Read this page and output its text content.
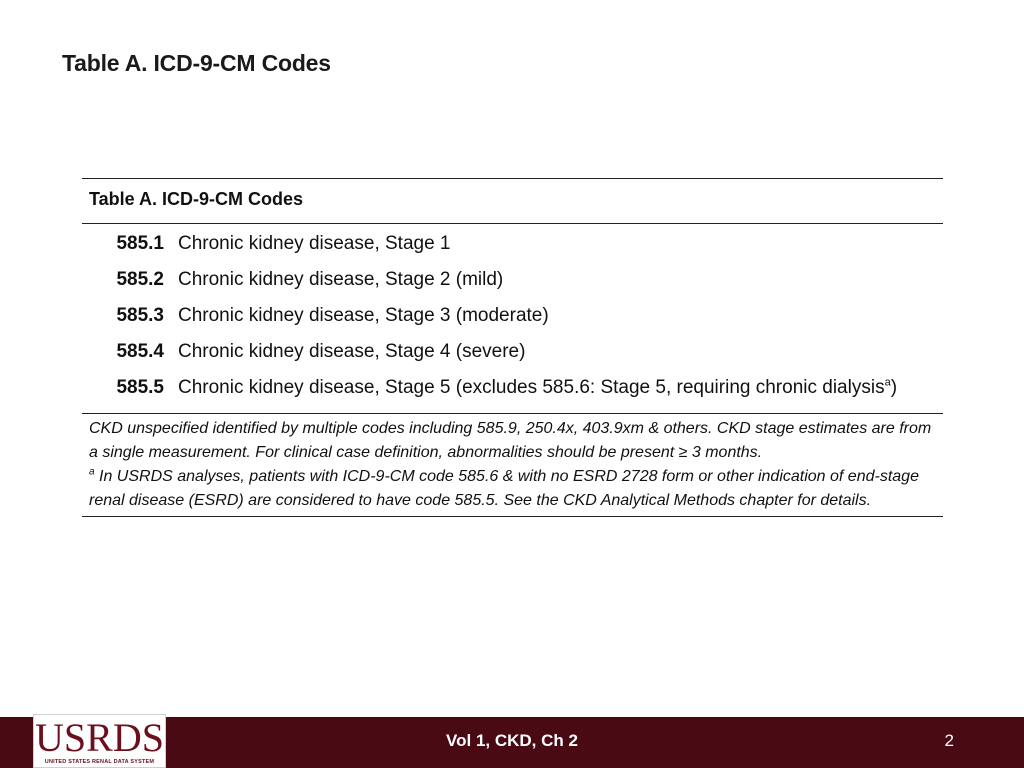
Table A. ICD-9-CM Codes
Table A. ICD-9-CM Codes
585.1 Chronic kidney disease, Stage 1
585.2 Chronic kidney disease, Stage 2 (mild)
585.3 Chronic kidney disease, Stage 3 (moderate)
585.4 Chronic kidney disease, Stage 4 (severe)
585.5 Chronic kidney disease, Stage 5 (excludes 585.6: Stage 5, requiring chronic dialysis$^a$)
CKD unspecified identified by multiple codes including 585.9, 250.4x, 403.9xm & others. CKD stage estimates are from a single measurement. For clinical case definition, abnormalities should be present ≥ 3 months.
$^a$ In USRDS analyses, patients with ICD-9-CM code 585.6 & with no ESRD 2728 form or other indication of end-stage renal disease (ESRD) are considered to have code 585.5. See the CKD Analytical Methods chapter for details.
Vol 1, CKD, Ch 2	2
USRDS
UNITED STATES RENAL DATA SYSTEM
